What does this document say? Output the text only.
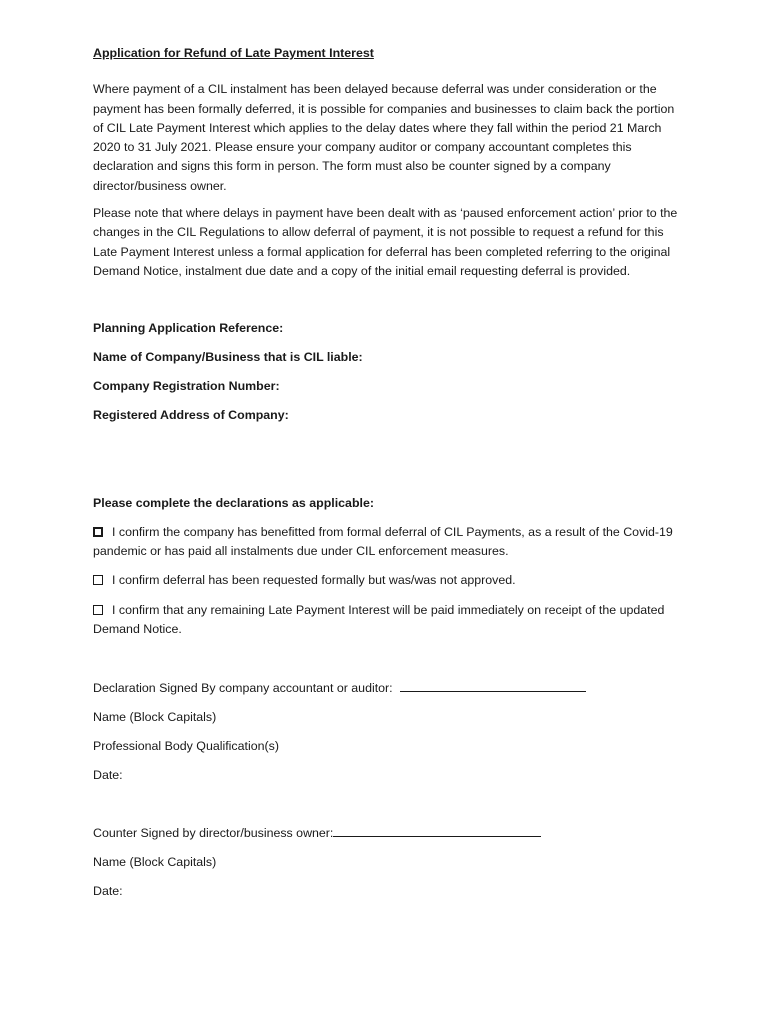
Application for Refund of Late Payment Interest

Where payment of a CIL instalment has been delayed because deferral was under consideration or the payment has been formally deferred, it is possible for companies and businesses to claim back the portion of CIL Late Payment Interest which applies to the delay dates where they fall within the period 21 March 2020 to 31 July 2021. Please ensure your company auditor or company accountant completes this declaration and signs this form in person. The form must also be counter signed by a company director/business owner.

Please note that where delays in payment have been dealt with as ‘paused enforcement action’ prior to the changes in the CIL Regulations to allow deferral of payment, it is not possible to request a refund for this Late Payment Interest unless a formal application for deferral has been completed referring to the original Demand Notice, instalment due date and a copy of the initial email requesting deferral is provided.

Planning Application Reference:

Name of Company/Business that is CIL liable:

Company Registration Number:

Registered Address of Company:

Please complete the declarations as applicable:

I confirm the company has benefitted from formal deferral of CIL Payments, as a result of the Covid-19 pandemic or has paid all instalments due under CIL enforcement measures.

I confirm deferral has been requested formally but was/was not approved.

I confirm that any remaining Late Payment Interest will be paid immediately on receipt of the updated Demand Notice.

Declaration Signed By company accountant or auditor:

Name (Block Capitals)

Professional Body Qualification(s)

Date:

Counter Signed by director/business owner:

Name (Block Capitals)

Date:
